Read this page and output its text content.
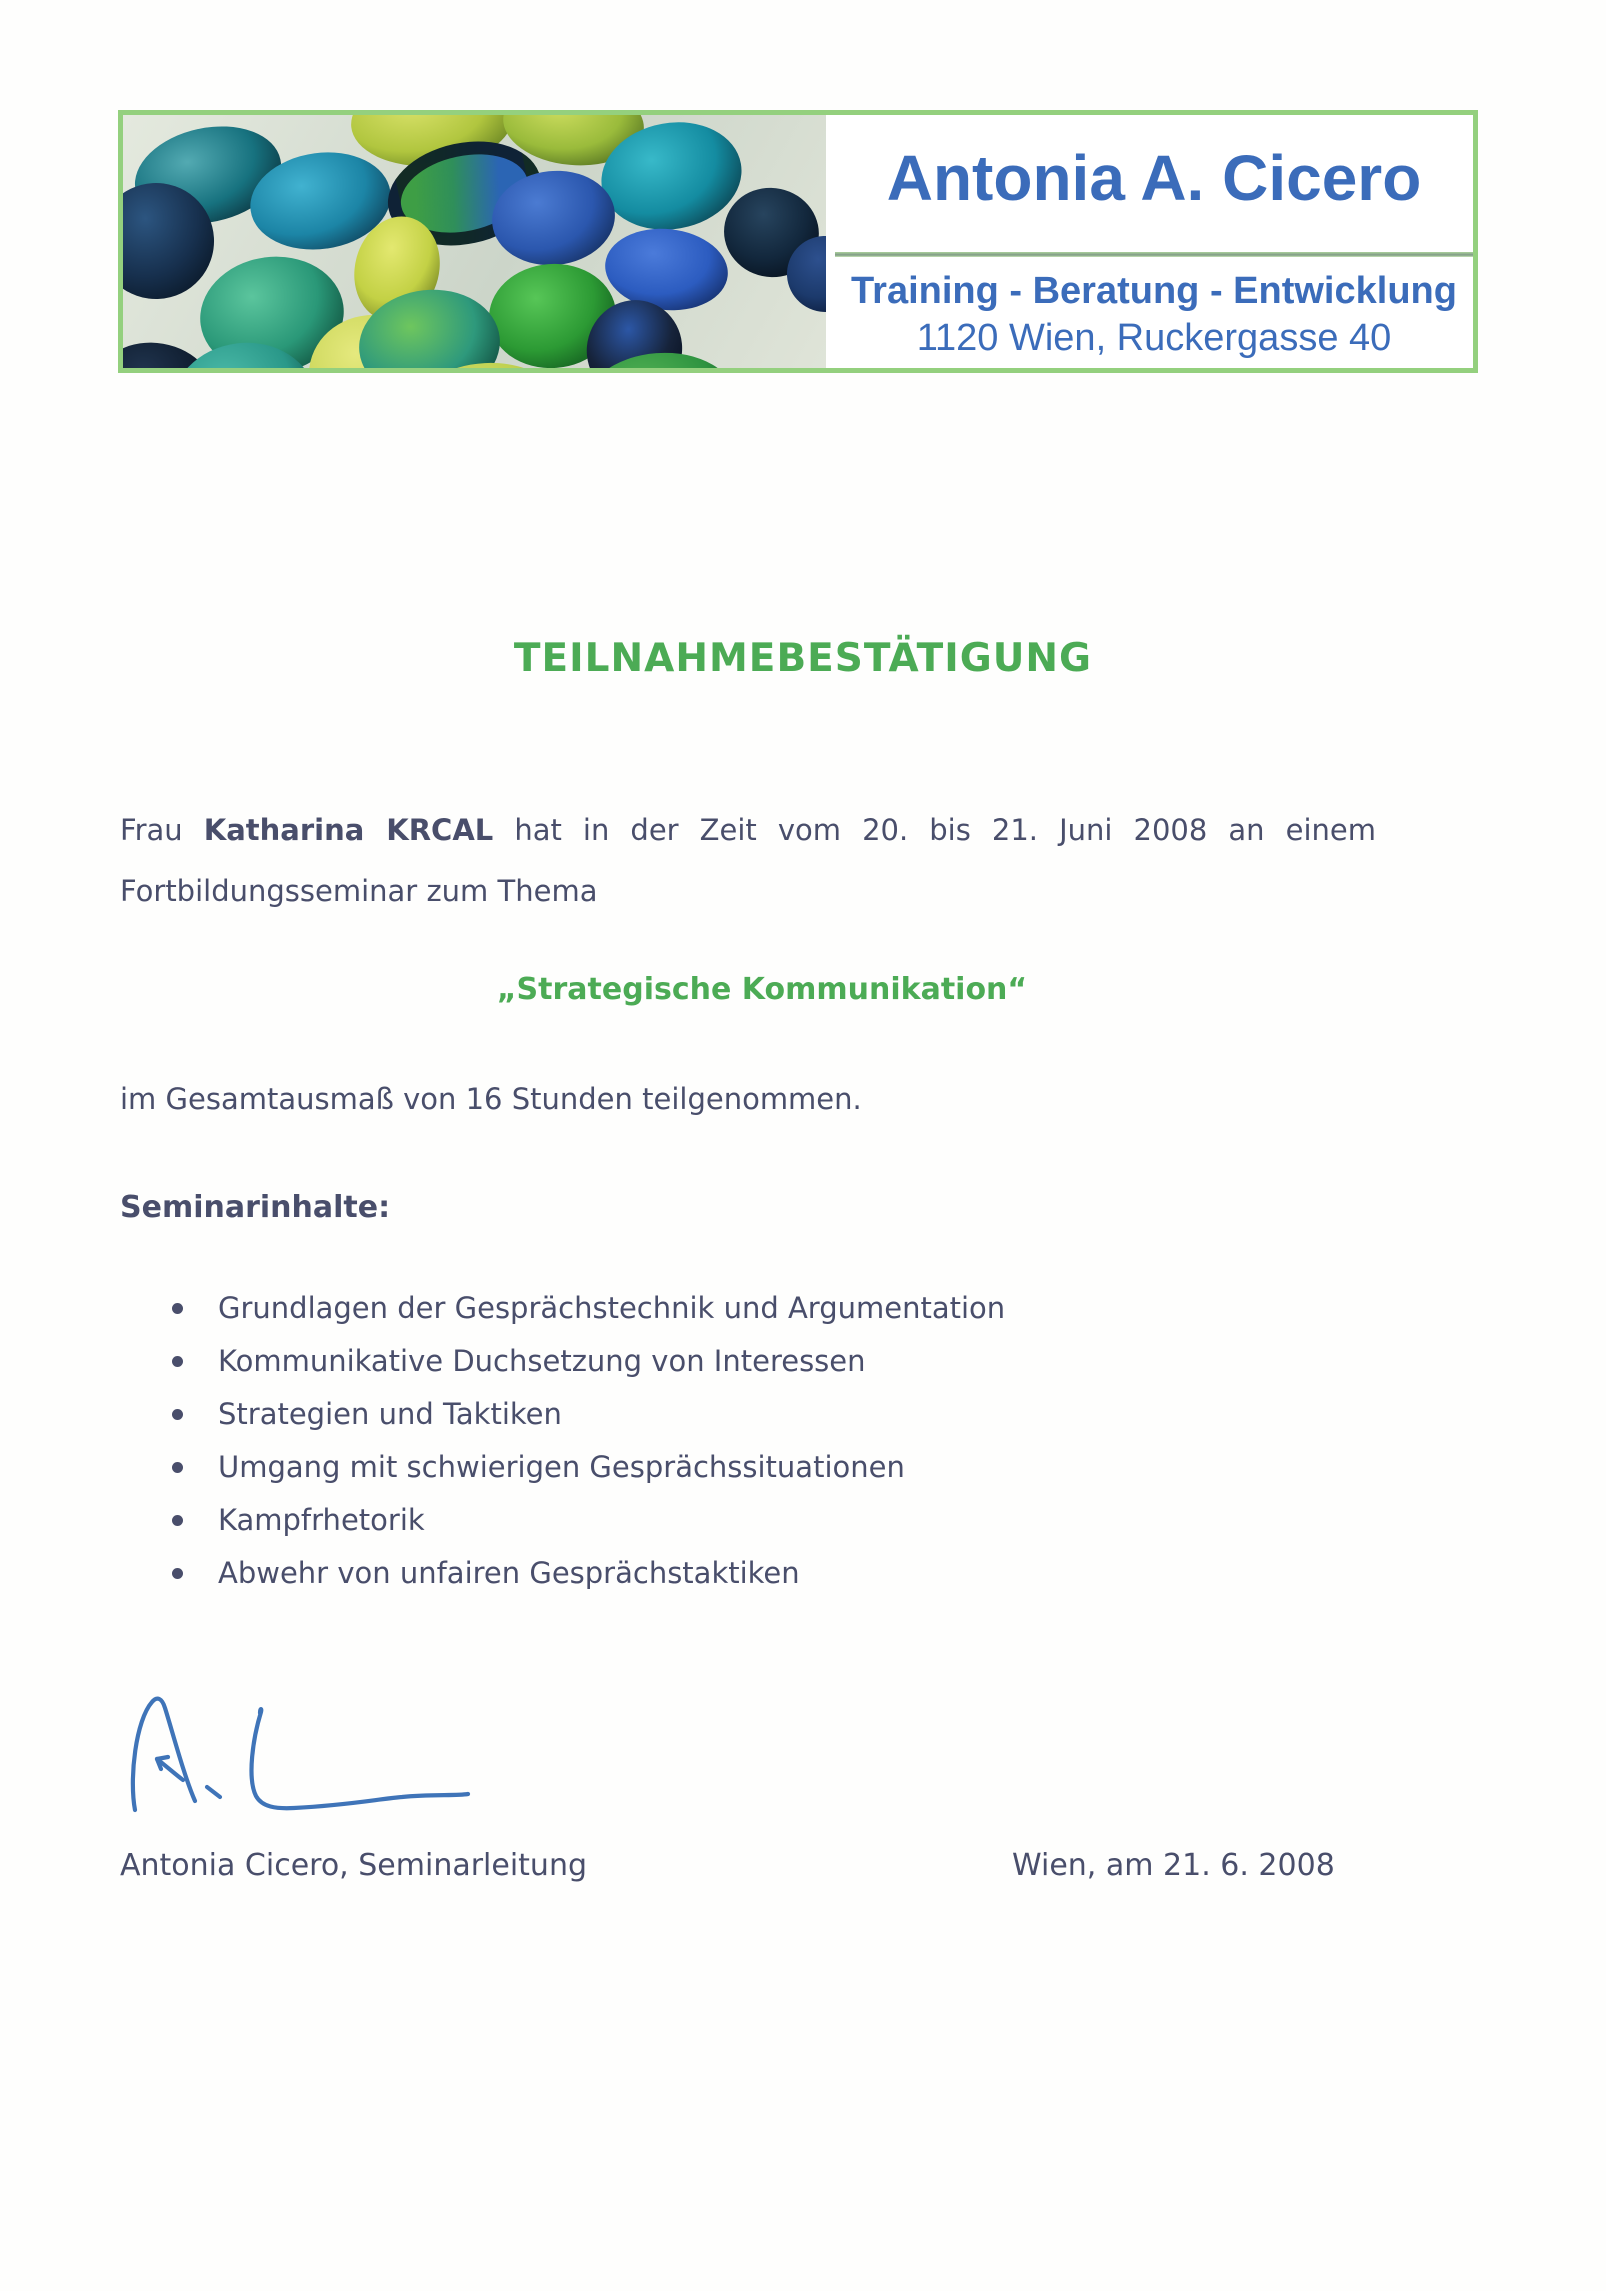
Antonia A. Cicero
Training - Beratung - Entwicklung
1120 Wien, Ruckergasse 40
TEILNAHMEBESTÄTIGUNG
Frau Katharina KRCAL hat in der Zeit vom 20. bis 21. Juni 2008 an einem
Fortbildungsseminar zum Thema
„Strategische Kommunikation“
im Gesamtausmaß von 16 Stunden teilgenommen.
Seminarinhalte:
Grundlagen der Gesprächstechnik und Argumentation
Kommunikative Duchsetzung von Interessen
Strategien und Taktiken
Umgang mit schwierigen Gesprächssituationen
Kampfrhetorik
Abwehr von unfairen Gesprächstaktiken
Antonia Cicero, Seminarleitung	Wien, am 21. 6. 2008
